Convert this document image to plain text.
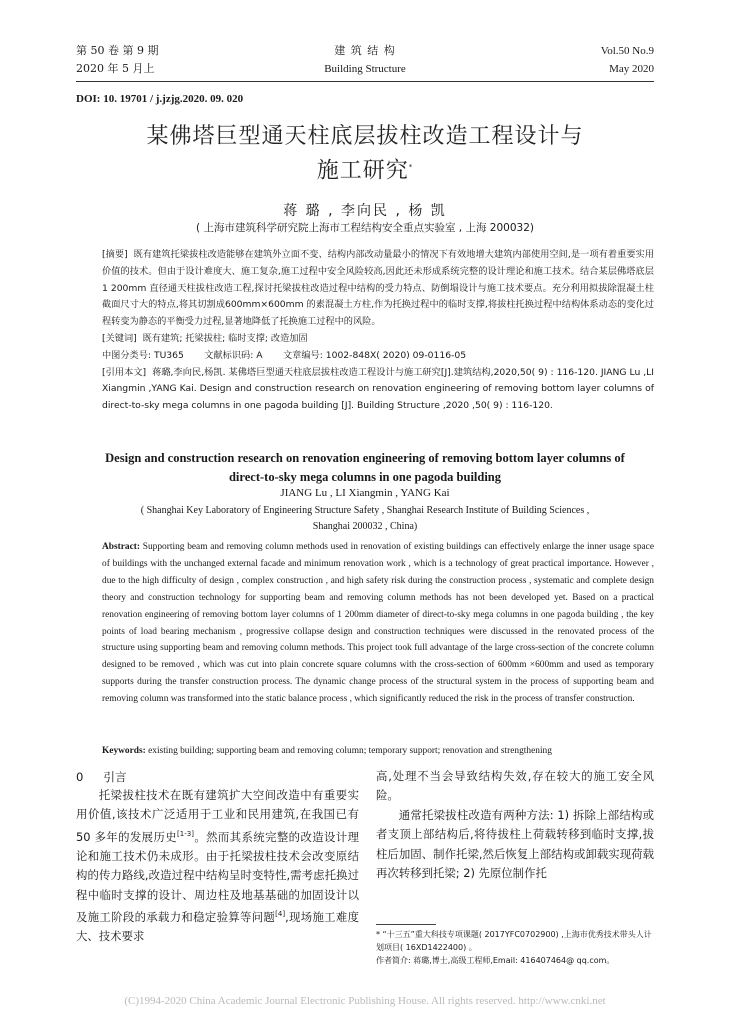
第 50 卷 第 9 期
2020 年 5 月上
建 筑 结 构
Building Structure
Vol.50 No.9
May 2020
DOI: 10. 19701 / j.jzjg.2020. 09. 020
某佛塔巨型通天柱底层拔柱改造工程设计与
施工研究*
蒋 璐 , 李向民 , 杨 凯
( 上海市建筑科学研究院上海市工程结构安全重点实验室 , 上海 200032)

[摘要] 既有建筑托梁拔柱改造能够在建筑外立面不变、结构内部改动量最小的情况下有效地增大建筑内部使用空间,是一项有着重要实用价值的技术。但由于设计难度大、施工复杂,施工过程中安全风险较高,因此还未形成系统完整的设计理论和施工技术。结合某层佛塔底层 1 200mm 直径通天柱拔柱改造工程,探讨托梁拔柱改造过程中结构的受力特点、防倒塌设计与施工技术要点。充分利用拟拔除混凝土柱截面尺寸大的特点,将其切割成600mm×600mm 的素混凝土方柱,作为托换过程中的临时支撑,将拔柱托换过程中结构体系动态的变化过程转变为静态的平衡受力过程,显著地降低了托换施工过程中的风险。

[关键词] 既有建筑; 托梁拔柱; 临时支撑; 改造加固

中图分类号: TU365 文献标识码: A 文章编号: 1002-848X( 2020) 09-0116-05

[引用本文] 蒋璐,李向民,杨凯. 某佛塔巨型通天柱底层拔柱改造工程设计与施工研究[J].建筑结构,2020,50( 9) : 116-120. JIANG Lu ,LI Xiangmin ,YANG Kai. Design and construction research on renovation engineering of removing bottom layer columns of direct-to-sky mega columns in one pagoda building [J]. Building Structure ,2020 ,50( 9) : 116-120.

Design and construction research on renovation engineering of removing bottom layer columns of
direct-to-sky mega columns in one pagoda building
JIANG Lu , LI Xiangmin , YANG Kai
( Shanghai Key Laboratory of Engineering Structure Safety , Shanghai Research Institute of Building Sciences ,
Shanghai 200032 , China)
Abstract: Supporting beam and removing column methods used in renovation of existing buildings can effectively enlarge the inner usage space of buildings with the unchanged external facade and minimum renovation work , which is a technology of great practical importance. However , due to the high difficulty of design , complex construction , and high safety risk during the construction process , systematic and complete design theory and construction technology for supporting beam and removing column methods has not been developed yet. Based on a practical renovation engineering of removing bottom layer columns of 1 200mm diameter of direct-to-sky mega columns in one pagoda building , the key points of load bearing mechanism , progressive collapse design and construction techniques were discussed in the renovated process of the structure using supporting beam and removing column methods. This project took full advantage of the large cross-section of the concrete column designed to be removed , which was cut into plain concrete square columns with the cross-section of 600mm ×600mm and used as temporary supports during the transfer construction process. The dynamic change process of the structural system in the process of supporting beam and removing column was transformed into the static balance process , which significantly reduced the risk in the process of transfer construction.
Keywords: existing building; supporting beam and removing column; temporary support; renovation and strengthening
0 引言

托梁拔柱技术在既有建筑扩大空间改造中有重要实用价值,该技术广泛适用于工业和民用建筑,在我国已有 50 多年的发展历史[1-3]。然而其系统完整的改造设计理论和施工技术仍未成形。由于托梁拔柱技术会改变原结构的传力路线,改造过程中结构呈时变特性,需考虑托换过程中临时支撑的设计、周边柱及地基基础的加固设计以及施工阶段的承载力和稳定验算等问题[4],现场施工难度大、技术要求

高,处理不当会导致结构失效,存在较大的施工安全风险。

通常托梁拔柱改造有两种方法: 1) 拆除上部结构或者支顶上部结构后,将待拔柱上荷载转移到临时支撑,拔柱后加固、制作托梁,然后恢复上部结构或卸载实现荷载再次转移到托梁; 2) 先原位制作托

* “十三五”重大科技专项课题( 2017YFC0702900) ,上海市优秀技术带头人计划项目( 16XD1422400) 。
作者简介: 蒋璐,博士,高级工程师,Email: 416407464@ qq.com。
(C)1994-2020 China Academic Journal Electronic Publishing House. All rights reserved. http://www.cnki.net
